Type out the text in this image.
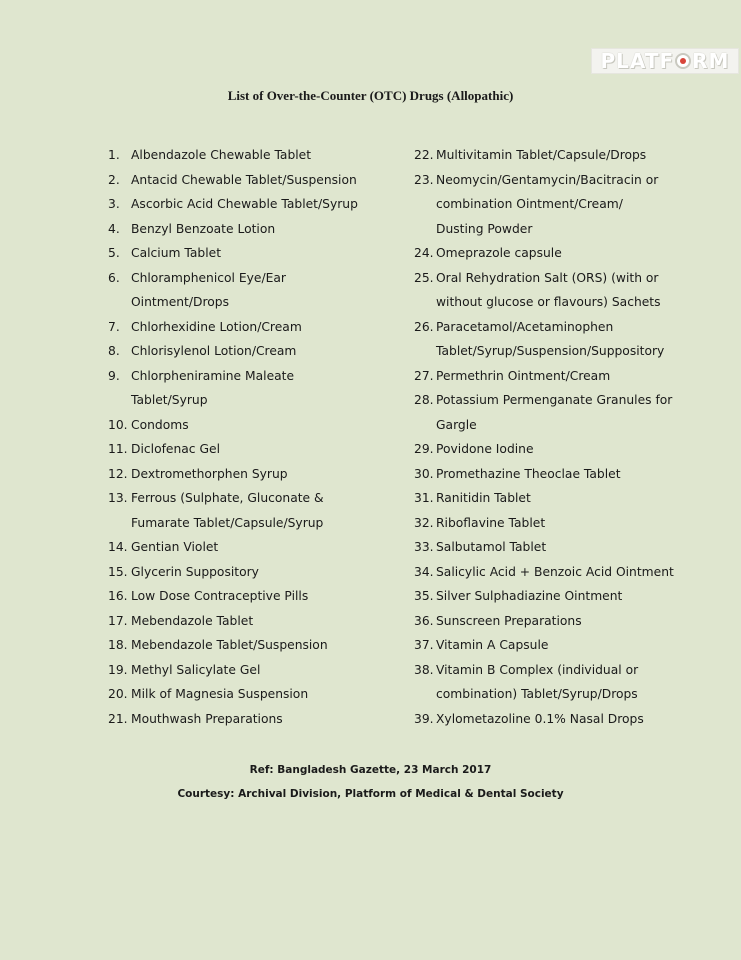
PLATF RM
List of Over-the-Counter (OTC) Drugs (Allopathic)
1. Albendazole Chewable Tablet
2. Antacid Chewable Tablet/Suspension
3. Ascorbic Acid Chewable Tablet/Syrup
4. Benzyl Benzoate Lotion
5. Calcium Tablet
6. Chloramphenicol Eye/Ear
Ointment/Drops
7. Chlorhexidine Lotion/Cream
8. Chlorisylenol Lotion/Cream
9. Chlorpheniramine Maleate
Tablet/Syrup
10. Condoms
11. Diclofenac Gel
12. Dextromethorphen Syrup
13. Ferrous (Sulphate, Gluconate &
Fumarate Tablet/Capsule/Syrup
14. Gentian Violet
15. Glycerin Suppository
16. Low Dose Contraceptive Pills
17. Mebendazole Tablet
18. Mebendazole Tablet/Suspension
19. Methyl Salicylate Gel
20. Milk of Magnesia Suspension
21. Mouthwash Preparations
22. Multivitamin Tablet/Capsule/Drops
23. Neomycin/Gentamycin/Bacitracin or
combination Ointment/Cream/
Dusting Powder
24. Omeprazole capsule
25. Oral Rehydration Salt (ORS) (with or
without glucose or flavours) Sachets
26. Paracetamol/Acetaminophen
Tablet/Syrup/Suspension/Suppository
27. Permethrin Ointment/Cream
28. Potassium Permenganate Granules for
Gargle
29. Povidone Iodine
30. Promethazine Theoclae Tablet
31. Ranitidin Tablet
32. Riboflavine Tablet
33. Salbutamol Tablet
34. Salicylic Acid + Benzoic Acid Ointment
35. Silver Sulphadiazine Ointment
36. Sunscreen Preparations
37. Vitamin A Capsule
38. Vitamin B Complex (individual or
combination) Tablet/Syrup/Drops
39. Xylometazoline 0.1% Nasal Drops
Ref: Bangladesh Gazette, 23 March 2017
Courtesy: Archival Division, Platform of Medical & Dental Society
